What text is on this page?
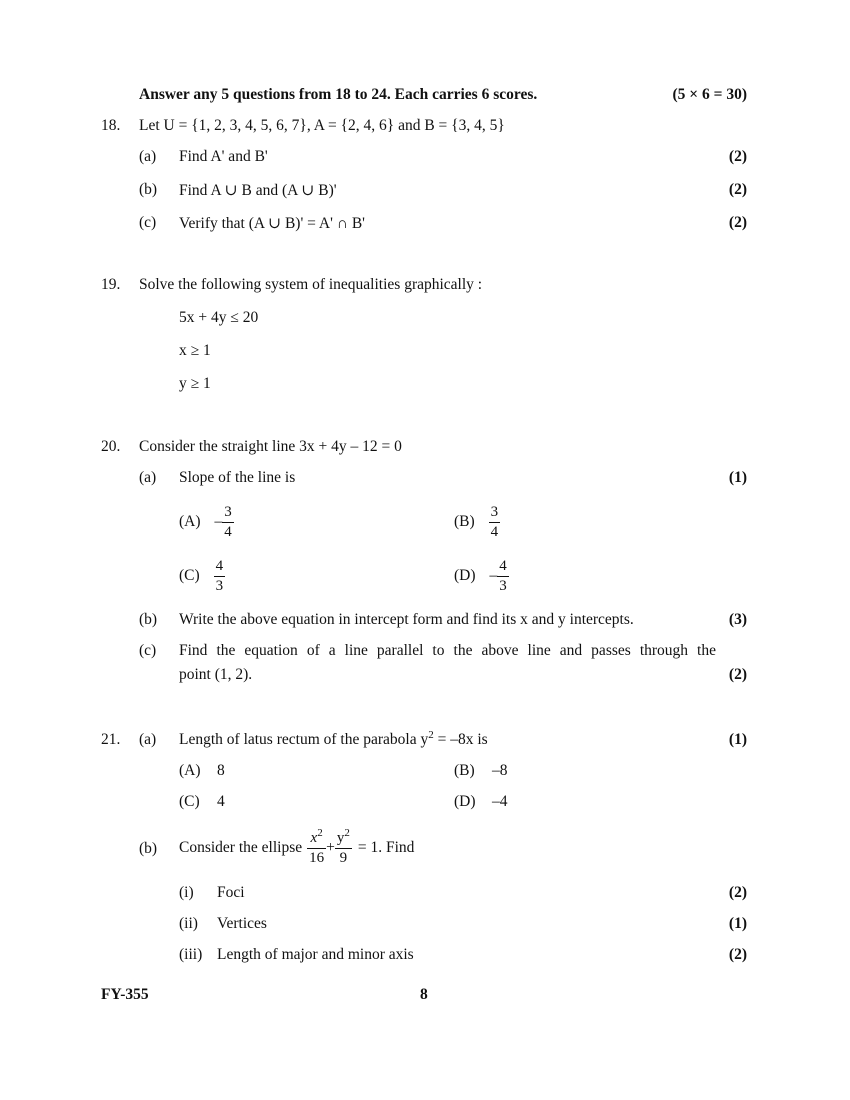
Answer any 5 questions from 18 to 24. Each carries 6 scores.	(5 × 6 = 30)
18. Let U = {1, 2, 3, 4, 5, 6, 7}, A = {2, 4, 6} and B = {3, 4, 5}
(a) Find A' and B'	(2)
(b) Find A ∪ B and (A ∪ B)'	(2)
(c) Verify that (A ∪ B)' = A' ∩ B'	(2)
19. Solve the following system of inequalities graphically :
5x + 4y ≤ 20
x ≥ 1
y ≥ 1
20. Consider the straight line 3x + 4y – 12 = 0
(a) Slope of the line is	(1)
$(A) - \frac{3}{4}$	$(B) \frac{3}{4}$
$(C) \frac{4}{3}$	$(D) - \frac{4}{3}$
(b) Write the above equation in intercept form and find its x and y intercepts.	(3)
(c) Find the equation of a line parallel to the above line and passes through the
point (1, 2).	(2)
21. (a) Length of latus rectum of the parabola $y^2 = -8x$ is	(1)
(A) 8	(B) –8
(C) 4	(D) –4
(b) Consider the ellipse $\frac{x^2}{16} + \frac{y^2}{9} = 1$. Find
(i) Foci	(2)
(ii) Vertices	(1)
(iii) Length of major and minor axis	(2)
FY-355	8
